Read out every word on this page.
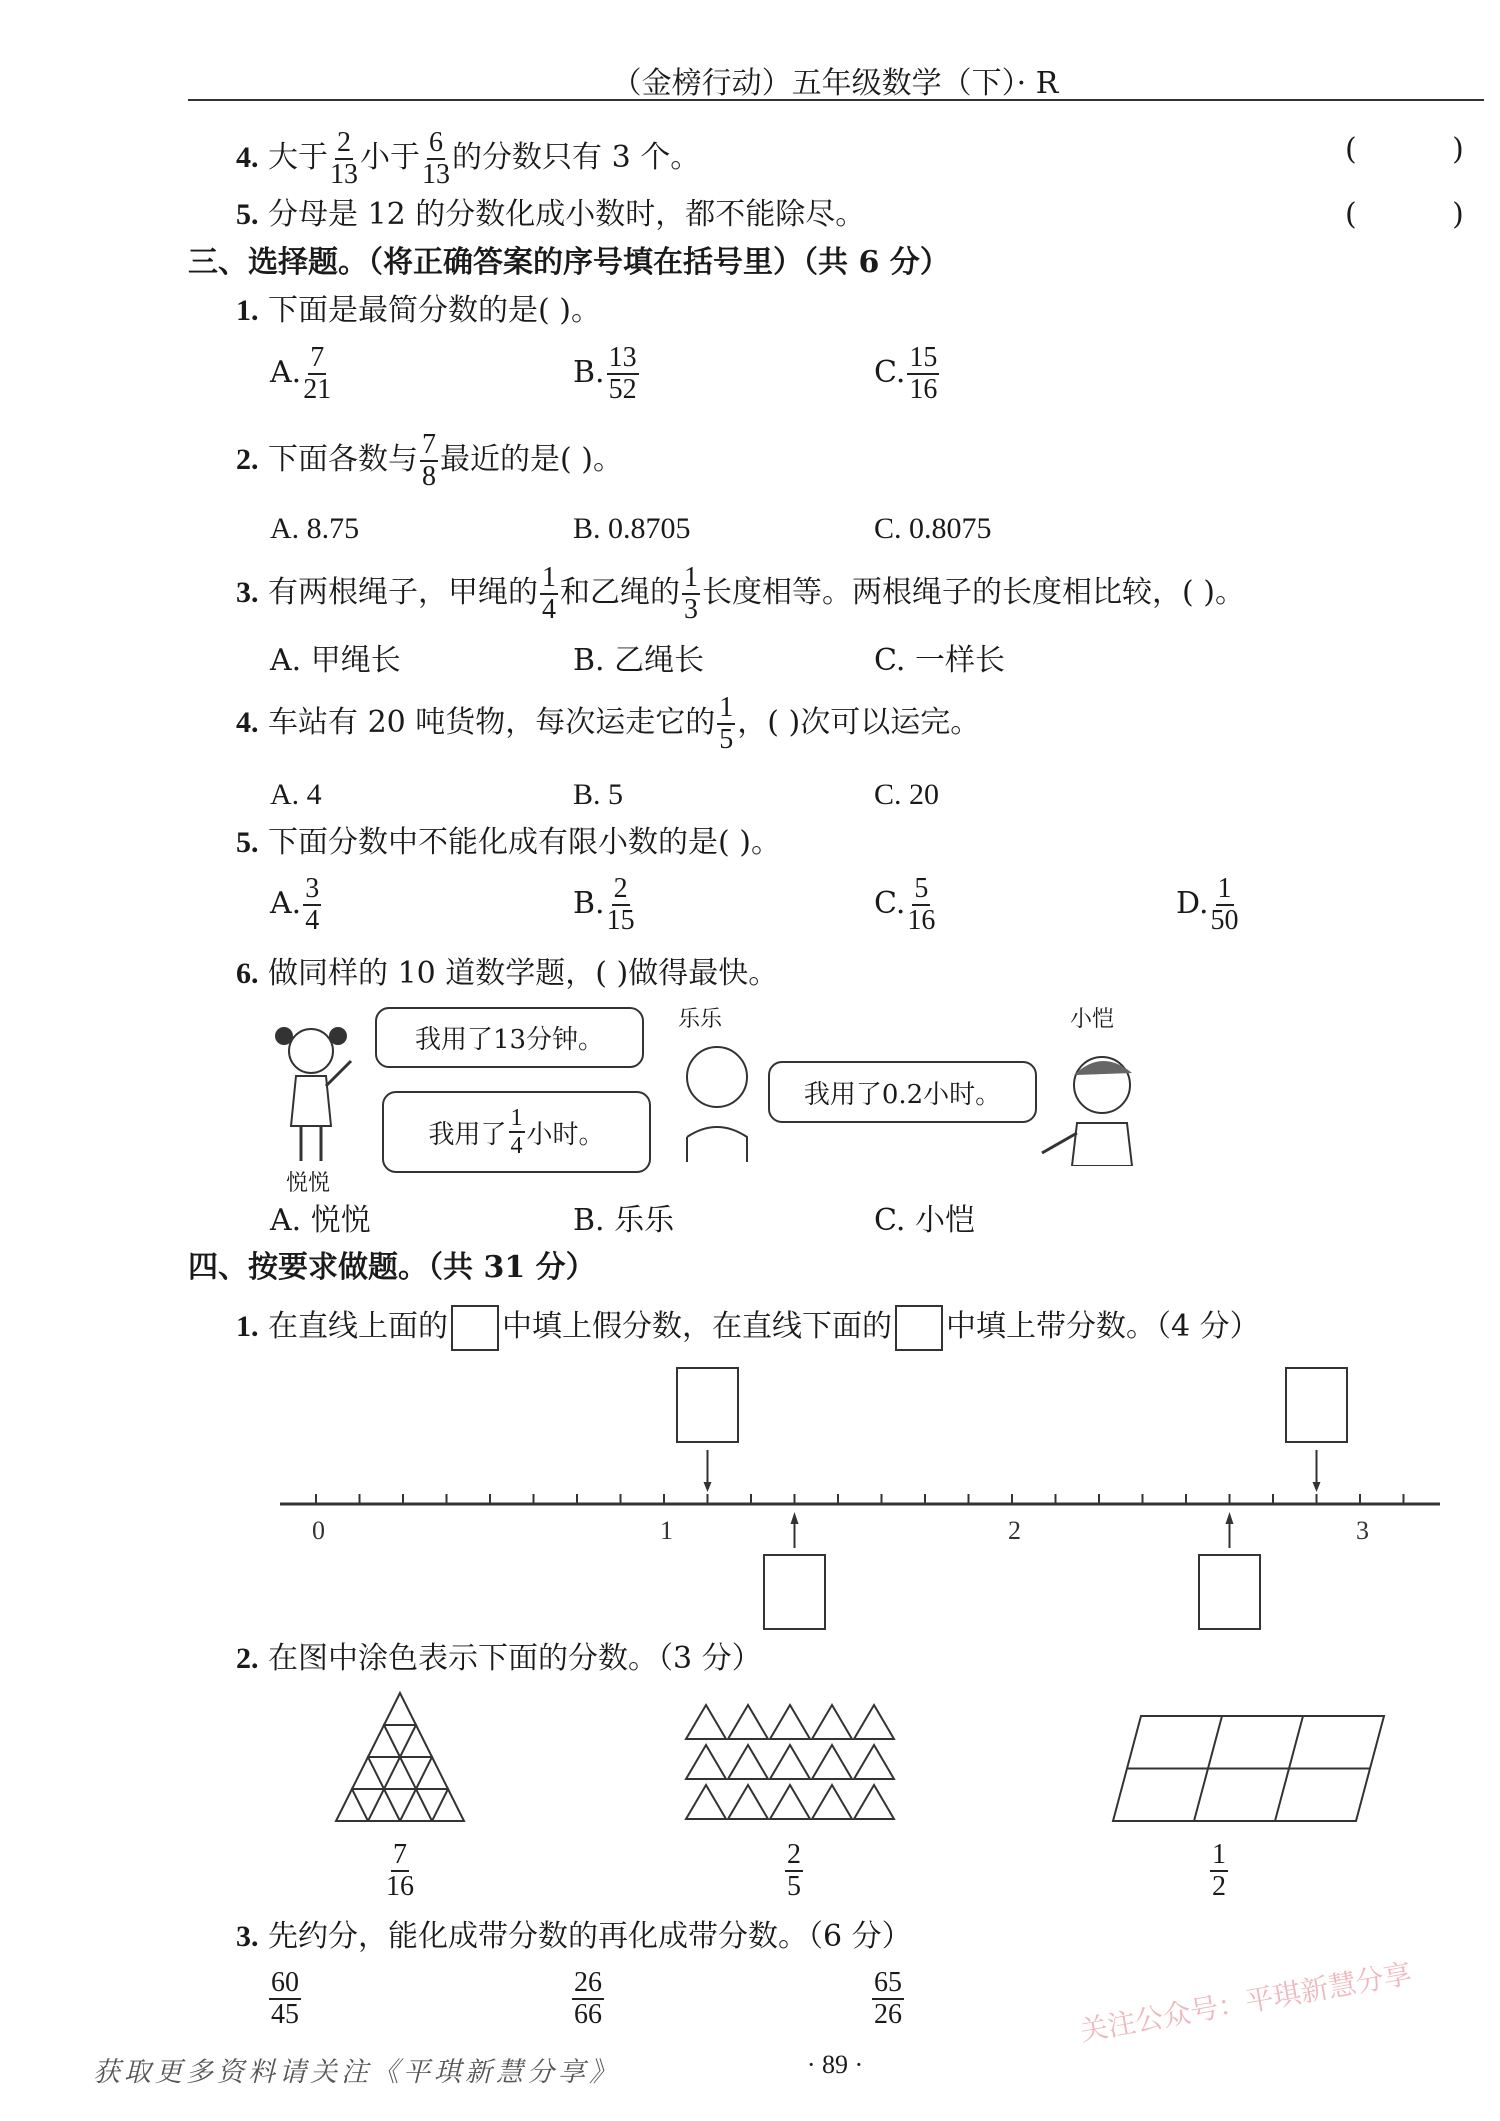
（金榜行动）五年级数学（下）· R
4. 大于 $\frac{2}{13}$ 小于 $\frac{6}{13}$ 的分数只有 3 个。	(          )
5. 分母是 12 的分数化成小数时，都不能除尽。	(          )
三、选择题。（将正确答案的序号填在括号里）（共 6 分）
1. 下面是最简分数的是( )。
A. $\frac{7}{21}$	B. $\frac{13}{52}$	C. $\frac{15}{16}$
2. 下面各数与 $\frac{7}{8}$ 最近的是( )。
A. 8.75	B. 0.8705	C. 0.8075
3. 有两根绳子，甲绳的 $\frac{1}{4}$ 和乙绳的 $\frac{1}{3}$ 长度相等。两根绳子的长度相比较，( )。
A. 甲绳长	B. 乙绳长	C. 一样长
4. 车站有 20 吨货物，每次运走它的 $\frac{1}{5}$ ，( )次可以运完。
A. 4	B. 5	C. 20
5. 下面分数中不能化成有限小数的是( )。
A. $\frac{3}{4}$	B. $\frac{2}{15}$	C. $\frac{5}{16}$	D. $\frac{1}{50}$
6. 做同样的 10 道数学题，( )做得最快。
悦悦
我用了13分钟。
我用了 $\frac{1}{4}$ 小时。
乐乐
我用了0.2小时。
小恺
A. 悦悦	B. 乐乐	C. 小恺
四、按要求做题。（共 31 分）
1. 在直线上面的 中填上假分数，在直线下面的 中填上带分数。（4 分）
0	1	2	3
2. 在图中涂色表示下面的分数。（3 分）
$\frac{7}{16}$	$\frac{2}{5}$	$\frac{1}{2}$
3. 先约分，能化成带分数的再化成带分数。（6 分）
$\frac{60}{45}$	$\frac{26}{66}$	$\frac{65}{26}$	关注公众号：平琪新慧分享
获取更多资料请关注《平琪新慧分享》	· 89 ·
